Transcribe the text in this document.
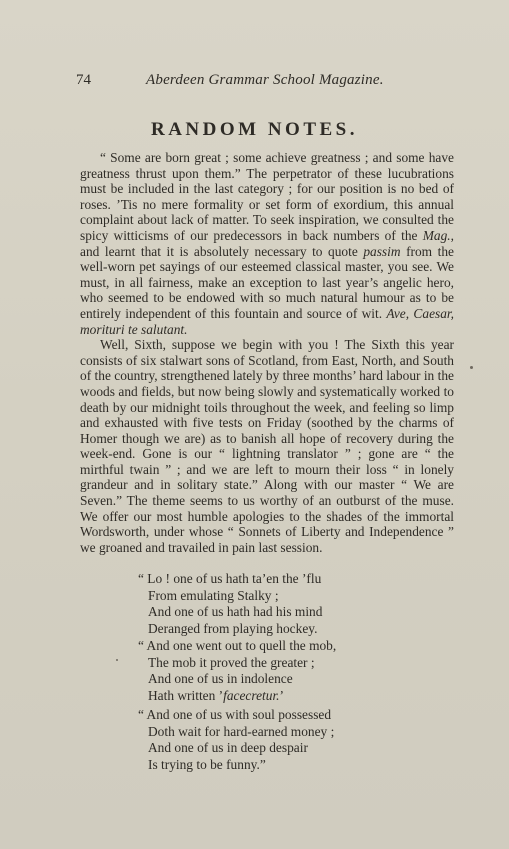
74	Aberdeen Grammar School Magazine.
RANDOM NOTES.

“ Some are born great ; some achieve greatness ; and some have greatness thrust upon them.” The perpetrator of these lucubrations must be included in the last category ; for our position is no bed of roses. ’Tis no mere formality or set form of exordium, this annual complaint about lack of matter. To seek inspiration, we consulted the spicy witticisms of our predecessors in back numbers of the Mag., and learnt that it is absolutely necessary to quote passim from the well-worn pet sayings of our esteemed classical master, you see. We must, in all fairness, make an exception to last year’s angelic hero, who seemed to be endowed with so much natural humour as to be entirely independent of this fountain and source of wit. Ave, Caesar, morituri te salutant.

Well, Sixth, suppose we begin with you ! The Sixth this year consists of six stalwart sons of Scotland, from East, North, and South of the country, strengthened lately by three months’ hard labour in the woods and fields, but now being slowly and systematically worked to death by our midnight toils throughout the week, and feeling so limp and exhausted with five tests on Friday (soothed by the charms of Homer though we are) as to banish all hope of recovery during the week-end. Gone is our “ lightning translator ” ; gone are “ the mirthful twain ” ; and we are left to mourn their loss “ in lonely grandeur and in solitary state.” Along with our master “ We are Seven.” The theme seems to us worthy of an outburst of the muse. We offer our most humble apologies to the shades of the immortal Wordsworth, under whose “ Sonnets of Liberty and Independence ” we groaned and travailed in pain last session.

“ Lo ! one of us hath ta’en the ’flu
From emulating Stalky ;
And one of us hath had his mind
Deranged from playing hockey.
“ And one went out to quell the mob,
The mob it proved the greater ;
And one of us in indolence
Hath written ’facecretur.’
“ And one of us with soul possessed
Doth wait for hard-earned money ;
And one of us in deep despair
Is trying to be funny.”
